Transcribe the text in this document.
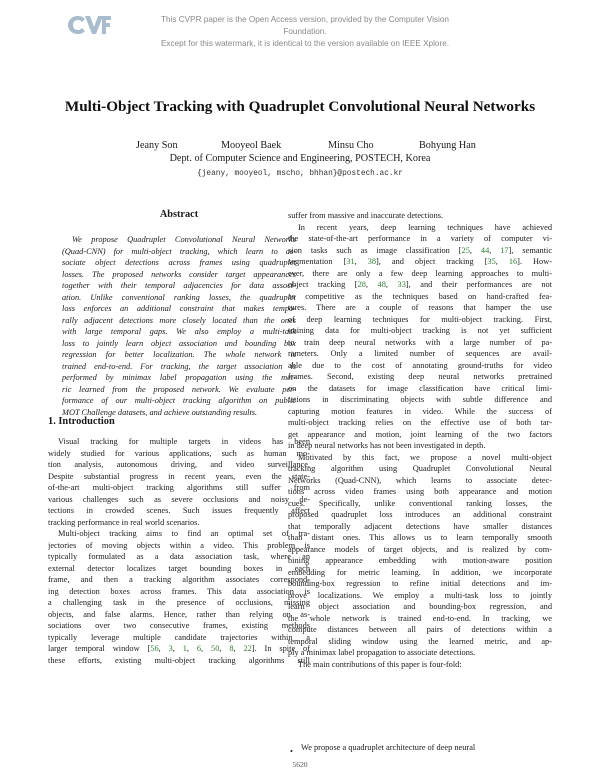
This CVPR paper is the Open Access version, provided by the Computer Vision Foundation.
Except for this watermark, it is identical to the version available on IEEE Xplore.
Multi-Object Tracking with Quadruplet Convolutional Neural Networks
Jeany Son	Mooyeol Baek	Minsu Cho	Bohyung Han
Dept. of Computer Science and Engineering, POSTECH, Korea
{jeany, mooyeol, mscho, bhhan}@postech.ac.kr
Abstract
We propose Quadruplet Convolutional Neural Networks
(Quad-CNN) for multi-object tracking, which learn to as-
sociate object detections across frames using quadruplet
losses. The proposed networks consider target appearances
together with their temporal adjacencies for data associ-
ation. Unlike conventional ranking losses, the quadruplet
loss enforces an additional constraint that makes tempo-
rally adjacent detections more closely located than the ones
with large temporal gaps. We also employ a multi-task
loss to jointly learn object association and bounding box
regression for better localization. The whole network is
trained end-to-end. For tracking, the target association is
performed by minimax label propagation using the met-
ric learned from the proposed network. We evaluate per-
formance of our multi-object tracking algorithm on public
MOT Challenge datasets, and achieve outstanding results.
1. Introduction
Visual tracking for multiple targets in videos has been
widely studied for various applications, such as human mo-
tion analysis, autonomous driving, and video surveillance.
Despite substantial progress in recent years, even the state-
of-the-art multi-object tracking algorithms still suffer from
various challenges such as severe occlusions and noisy de-
tections in crowded scenes. Such issues frequently affect
tracking performance in real world scenarios.
Multi-object tracking aims to find an optimal set of tra-
jectories of moving objects within a video. This problem is
typically formulated as a data association task, where an
external detector localizes target bounding boxes in each
frame, and then a tracking algorithm associates correspond-
ing detection boxes across frames. This data association is
a challenging task in the presence of occlusions, missing
objects, and false alarms. Hence, rather than relying on as-
sociations over two consecutive frames, existing methods
typically leverage multiple candidate trajectories within a
larger temporal window [56, 3, 1, 6, 50, 8, 22]. In spite of
these efforts, existing multi-object tracking algorithms still
suffer from massive and inaccurate detections.
In recent years, deep learning techniques have achieved
the state-of-the-art performance in a variety of computer vi-
sion tasks such as image classification [25, 44, 17], semantic
segmentation [31, 38], and object tracking [35, 16]. How-
ever, there are only a few deep learning approaches to multi-
object tracking [28, 48, 33], and their performances are not
as competitive as the techniques based on hand-crafted fea-
tures. There are a couple of reasons that hamper the use
of deep learning techniques for multi-object tracking. First,
training data for multi-object tracking is not yet sufficient
to train deep neural networks with a large number of pa-
rameters. Only a limited number of sequences are avail-
able due to the cost of annotating ground-truths for video
frames. Second, existing deep neural networks pretrained
on the datasets for image classification have critical limi-
tations in discriminating objects with subtle difference and
capturing motion features in video. While the success of
multi-object tracking relies on the effective use of both tar-
get appearance and motion, joint learning of the two factors
in deep neural networks has not been investigated in depth.
Motivated by this fact, we propose a novel multi-object
tracking algorithm using Quadruplet Convolutional Neural
Networks (Quad-CNN), which learns to associate detec-
tions across video frames using both appearance and motion
cues. Specifically, unlike conventional ranking losses, the
proposed quadruplet loss introduces an additional constraint
that temporally adjacent detections have smaller distances
than distant ones. This allows us to learn temporally smooth
appearance models of target objects, and is realized by com-
bining appearance embedding with motion-aware position
embedding for metric learning. In addition, we incorporate
bounding-box regression to refine initial detections and im-
prove localizations. We employ a multi-task loss to jointly
learn object association and bounding-box regression, and
the whole network is trained end-to-end. In tracking, we
compute distances between all pairs of detections within a
temporal sliding window using the learned metric, and ap-
ply a minimax label propagation to associate detections.
The main contributions of this paper is four-fold:
• We propose a quadruplet architecture of deep neural
5620
